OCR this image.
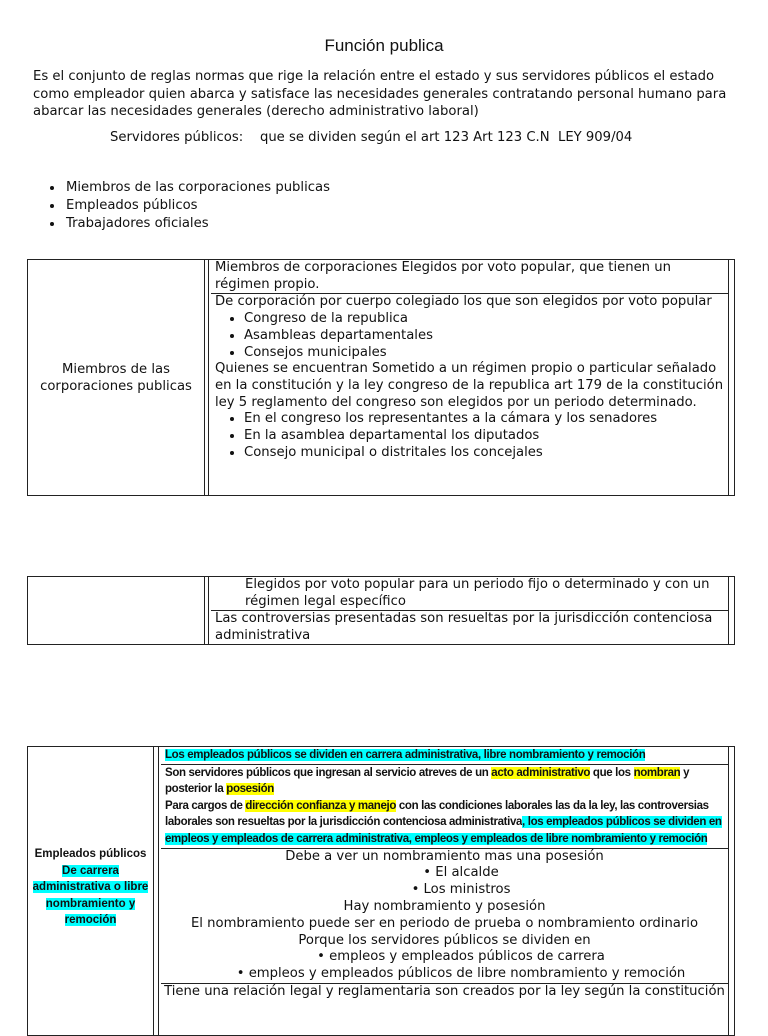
Función publica
Es el conjunto de reglas normas que rige la relación entre el estado y sus servidores públicos el estado como empleador quien abarca y satisface las necesidades generales contratando personal humano para abarcar las necesidades generales (derecho administrativo laboral)
Servidores públicos:    que se dividen según el art 123 Art 123 C.N  LEY 909/04
• Miembros de las corporaciones publicas
• Empleados públicos
• Trabajadores oficiales
Miembros de las corporaciones publicas

Miembros de corporaciones Elegidos por voto popular, que tienen un régimen propio.

De corporación por cuerpo colegiado los que son elegidos por voto popular

• Congreso de la republica
• Asambleas departamentales
• Consejos municipales

Quienes se encuentran Sometido a un régimen propio o particular señalado en la constitución y la ley congreso de la republica art 179 de la constitución ley 5 reglamento del congreso son elegidos por un periodo determinado.

• En el congreso los representantes a la cámara y los senadores
• En la asamblea departamental los diputados
• Consejo municipal o distritales los concejales

Elegidos por voto popular para un periodo fijo o determinado y con un régimen legal específico

Las controversias presentadas son resueltas por la jurisdicción contenciosa administrativa

Empleados públicos
De carrera administrativa o libre nombramiento y remoción

Los empleados públicos se dividen en carrera administrativa, libre nombramiento y remoción

Son servidores públicos que ingresan al servicio atreves de un acto administrativo que los nombran y posterior la posesión

Para cargos de dirección confianza y manejo con las condiciones laborales las da la ley, las controversias laborales son resueltas por la jurisdicción contenciosa administrativa, los empleados públicos se dividen en empleos y empleados de carrera administrativa, empleos y empleados de libre nombramiento y remoción

Debe a ver un nombramiento mas una posesión
• El alcalde
• Los ministros
Hay nombramiento y posesión
El nombramiento puede ser en periodo de prueba o nombramiento ordinario
Porque los servidores públicos se dividen en
• empleos y empleados públicos de carrera
• empleos y empleados públicos de libre nombramiento y remoción
Tiene una relación legal y reglamentaria son creados por la ley según la constitución
